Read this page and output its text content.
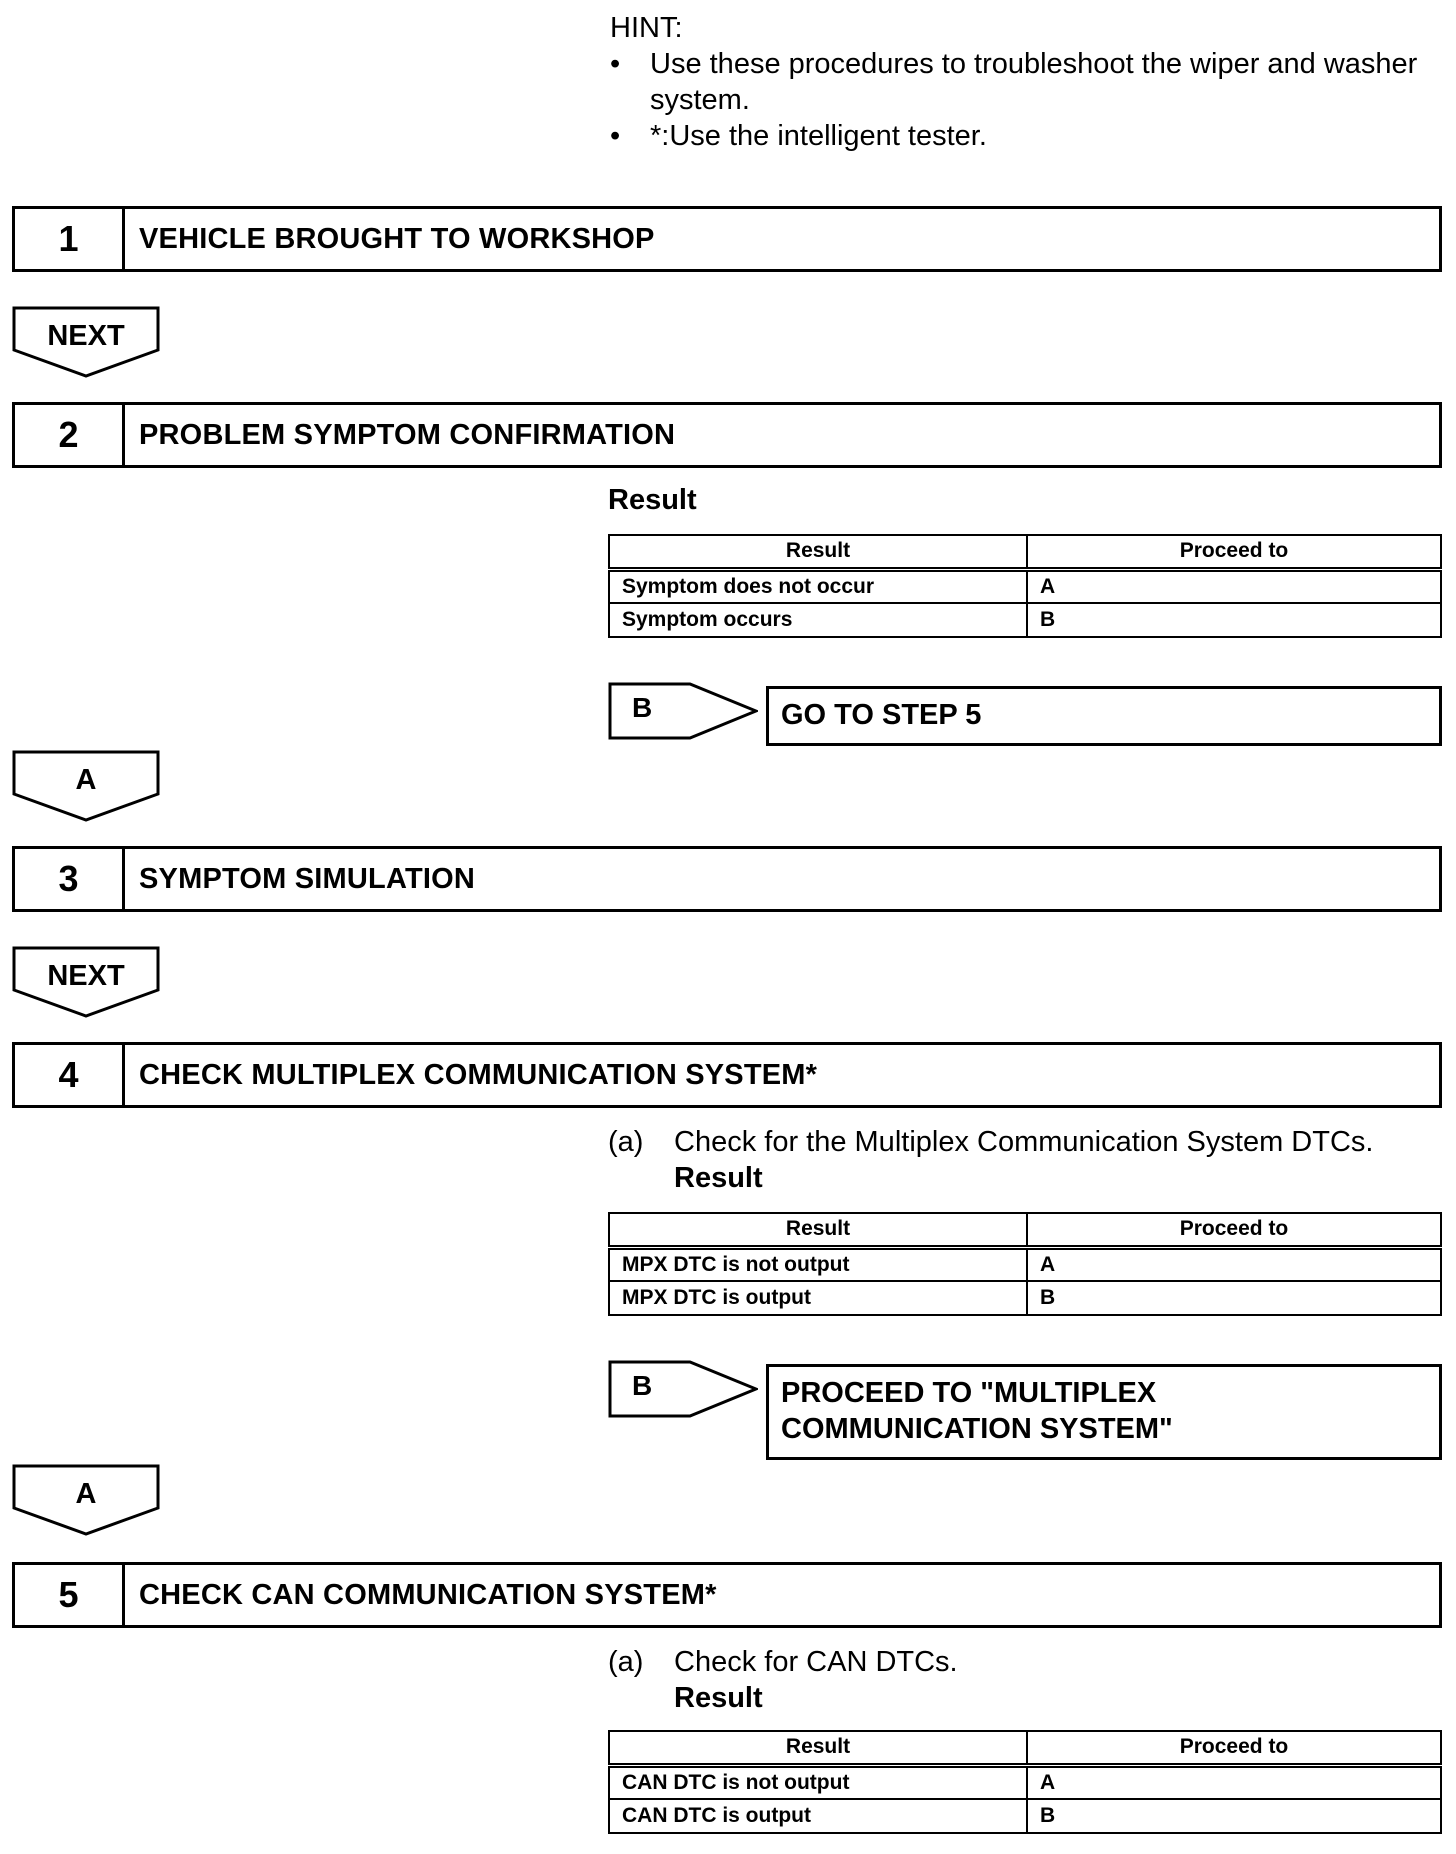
HINT:
• Use these procedures to troubleshoot the wiper and washer system.
• *:Use the intelligent tester.
1	VEHICLE BROUGHT TO WORKSHOP
NEXT
2	PROBLEM SYMPTOM CONFIRMATION
Result
Result	Proceed to
Symptom does not occur	A
Symptom occurs	B
B	GO TO STEP 5
A
3	SYMPTOM SIMULATION
NEXT
4	CHECK MULTIPLEX COMMUNICATION SYSTEM*
(a) Check for the Multiplex Communication System DTCs.
Result
Result	Proceed to
MPX DTC is not output	A
MPX DTC is output	B
B	PROCEED TO "MULTIPLEX
COMMUNICATION SYSTEM"
A
5	CHECK CAN COMMUNICATION SYSTEM*
(a) Check for CAN DTCs.
Result
Result	Proceed to
CAN DTC is not output	A
CAN DTC is output	B
